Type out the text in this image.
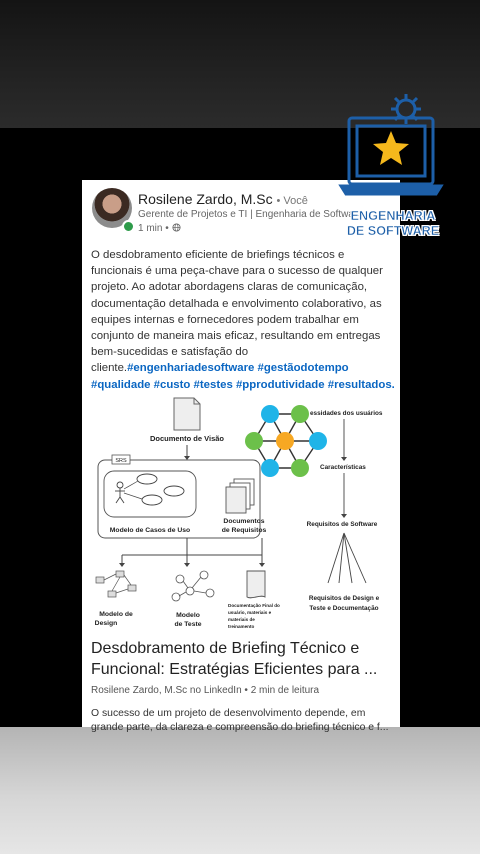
Rosilene Zardo, M.Sc • Você
Gerente de Projetos e TI | Engenharia de Software
1 min •
O desdobramento eficiente de briefings técnicos e funcionais é uma peça-chave para o sucesso de qualquer projeto. Ao adotar abordagens claras de comunicação, documentação detalhada e envolvimento colaborativo, as equipes internas e fornecedores podem trabalhar em conjunto de maneira mais eficaz, resultando em entregas bem-sucedidas e satisfação do cliente.#engenhariadesoftware #gestãodotempo #qualidade #custo #testes #pprodutividade #resultados.
Documento de Visão
SRS
Modelo de Casos de Uso
Documentos
de Requisitos
Modelo de
Design
Modelo
de Teste
Documentação Final do
usuário, materiais e
materiais de
treinamento
essidades dos usuários
Características
Requisitos de Software
Requisitos de Design e
Teste e Documentação
Desdobramento de Briefing Técnico e
Funcional: Estratégias Eficientes para ...
Rosilene Zardo, M.Sc no LinkedIn • 2 min de leitura
O sucesso de um projeto de desenvolvimento depende, em grande parte, da clareza e compreensão do briefing técnico e f...
ENGENHARIA
DE SOFTWARE
